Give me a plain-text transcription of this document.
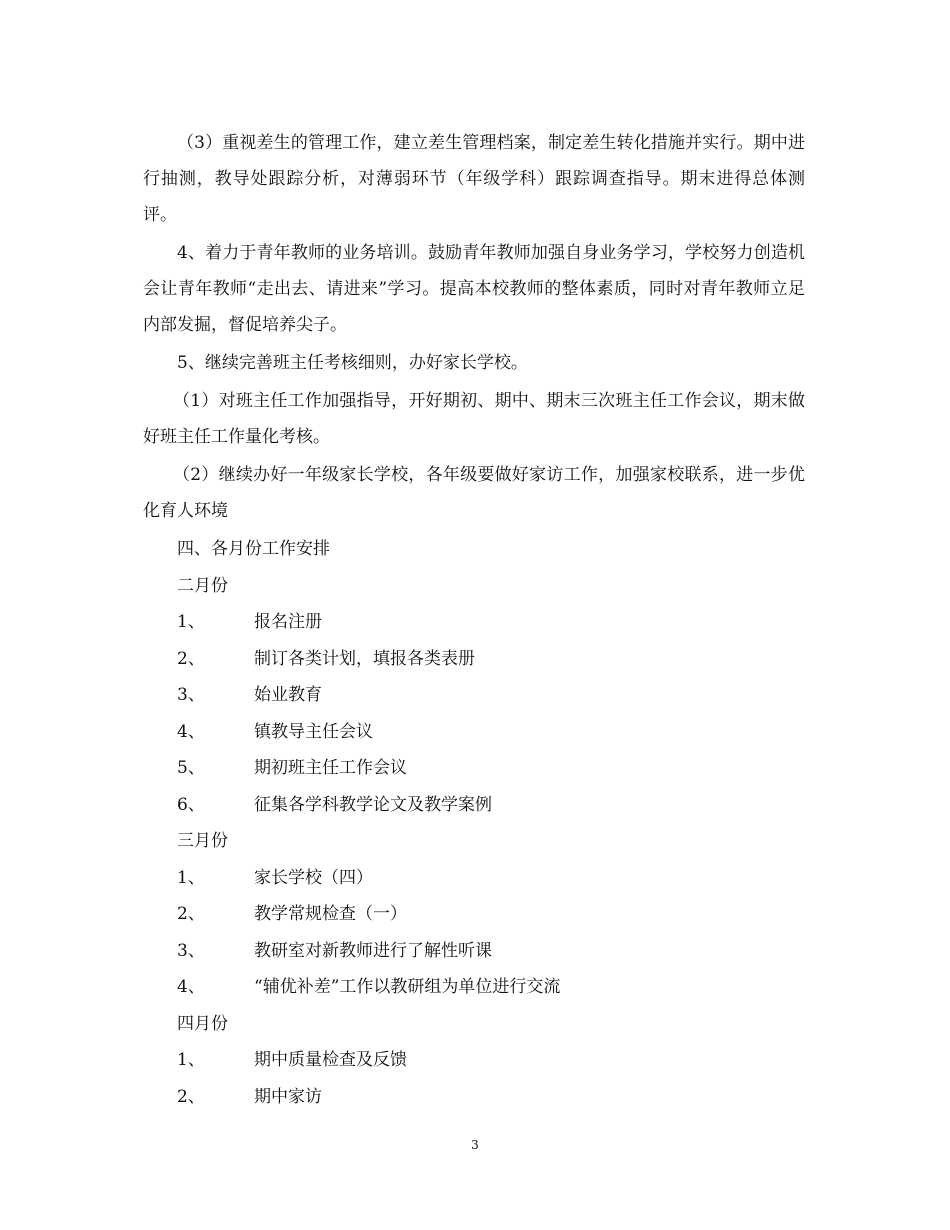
（3）重视差生的管理工作，建立差生管理档案，制定差生转化措施并实行。期中进行抽测，教导处跟踪分析，对薄弱环节（年级学科）跟踪调查指导。期末进得总体测评。

4、着力于青年教师的业务培训。鼓励青年教师加强自身业务学习，学校努力创造机会让青年教师“走出去、请进来”学习。提高本校教师的整体素质，同时对青年教师立足内部发掘，督促培养尖子。

5、继续完善班主任考核细则，办好家长学校。

（1）对班主任工作加强指导，开好期初、期中、期末三次班主任工作会议，期末做好班主任工作量化考核。

（2）继续办好一年级家长学校，各年级要做好家访工作，加强家校联系，进一步优化育人环境

四、各月份工作安排
二月份
1、	报名注册
2、	制订各类计划，填报各类表册
3、	始业教育
4、	镇教导主任会议
5、	期初班主任工作会议
6、	征集各学科教学论文及教学案例
三月份
1、	家长学校（四）
2、	教学常规检查（一）
3、	教研室对新教师进行了解性听课
4、	“辅优补差”工作以教研组为单位进行交流
四月份
1、	期中质量检查及反馈
2、	期中家访
3
